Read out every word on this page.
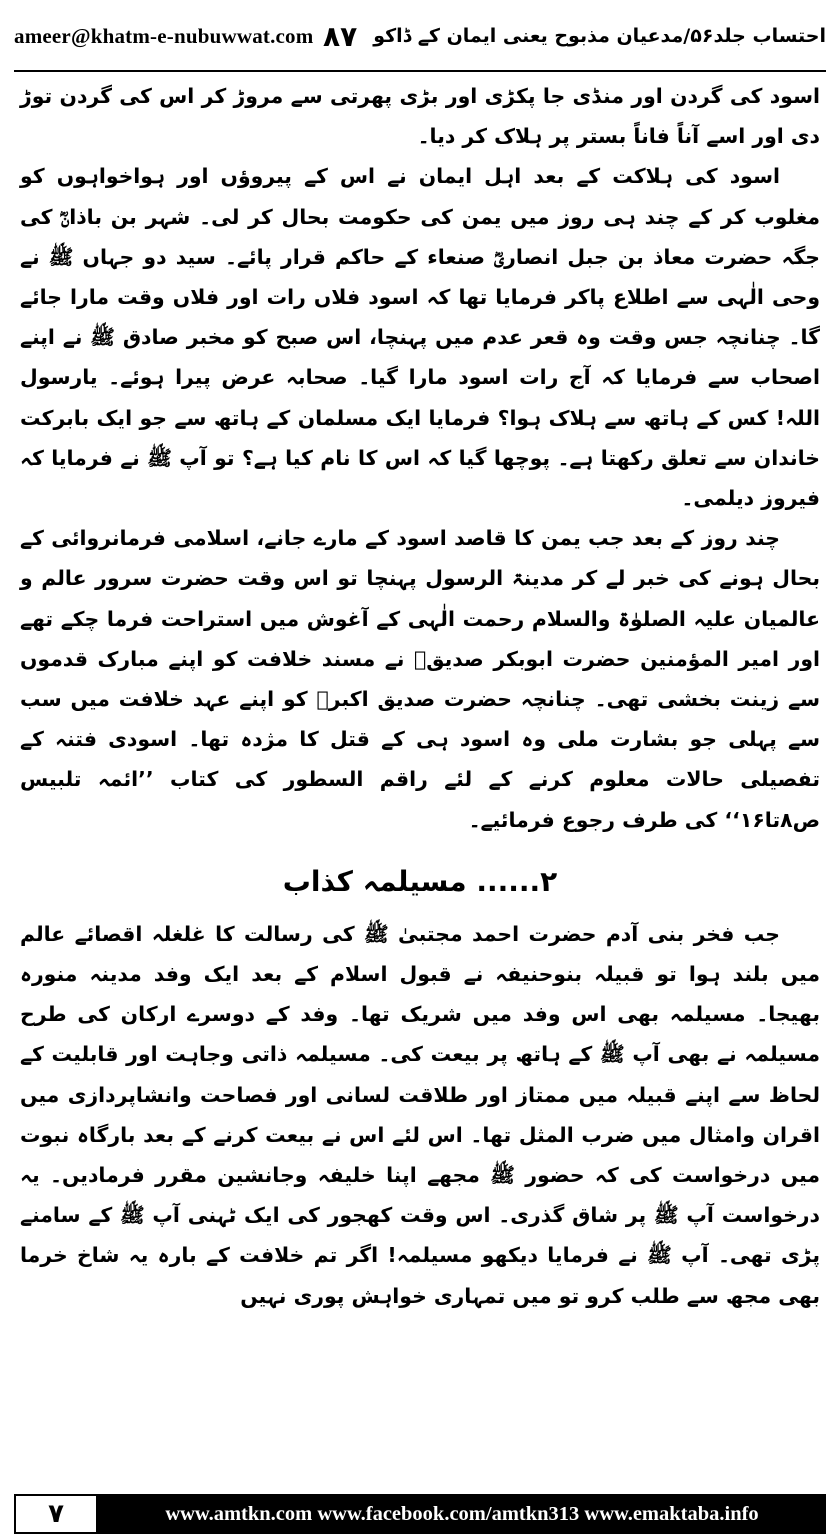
ameer@khatm-e-nubuwwat.com	احتساب جلد۵۶/مدعیان مذبوح یعنی ایمان کے ڈاکو
۸۷

اسود کی گردن اور منڈی جا پکڑی اور بڑی پھرتی سے مروڑ کر اس کی گردن توڑ دی اور اسے آناً فاناً بستر پر ہلاک کر دیا۔

اسود کی ہلاکت کے بعد اہل ایمان نے اس کے پیروؤں اور ہواخواہوں کو مغلوب کر کے چند ہی روز میں یمن کی حکومت بحال کر لی۔ شہر بن باذانؓ کی جگہ حضرت معاذ بن جبل انصاریؓ صنعاء کے حاکم قرار پائے۔ سید دو جہاں ﷺ نے وحی الٰہی سے اطلاع پاکر فرمایا تھا کہ اسود فلاں رات اور فلاں وقت مارا جائے گا۔ چنانچہ جس وقت وہ قعر عدم میں پہنچا، اس صبح کو مخبر صادق ﷺ نے اپنے اصحاب سے فرمایا کہ آج رات اسود مارا گیا۔ صحابہ عرض پیرا ہوئے۔ یارسول اللہ! کس کے ہاتھ سے ہلاک ہوا؟ فرمایا ایک مسلمان کے ہاتھ سے جو ایک بابرکت خاندان سے تعلق رکھتا ہے۔ پوچھا گیا کہ اس کا نام کیا ہے؟ تو آپ ﷺ نے فرمایا کہ فیروز دیلمی۔

چند روز کے بعد جب یمن کا قاصد اسود کے مارے جانے، اسلامی فرمانروائی کے بحال ہونے کی خبر لے کر مدینۃ الرسول پہنچا تو اس وقت حضرت سرور عالم و عالمیان علیہ الصلوٰۃ والسلام رحمت الٰہی کے آغوش میں استراحت فرما چکے تھے اور امیر المؤمنین حضرت ابوبکر صدیقؓ نے مسند خلافت کو اپنے مبارک قدموں سے زینت بخشی تھی۔ چنانچہ حضرت صدیق اکبرؓ کو اپنے عہد خلافت میں سب سے پہلی جو بشارت ملی وہ اسود ہی کے قتل کا مژدہ تھا۔ اسودی فتنہ کے تفصیلی حالات معلوم کرنے کے لئے راقم السطور کی کتاب ’’ائمہ تلبیس ص۸تا۱۶‘‘ کی طرف رجوع فرمائیے۔

۲...... مسیلمہ کذاب

جب فخر بنی آدم حضرت احمد مجتبیٰ ﷺ کی رسالت کا غلغلہ اقصائے عالم میں بلند ہوا تو قبیلہ بنوحنیفہ نے قبول اسلام کے بعد ایک وفد مدینہ منورہ بھیجا۔ مسیلمہ بھی اس وفد میں شریک تھا۔ وفد کے دوسرے ارکان کی طرح مسیلمہ نے بھی آپ ﷺ کے ہاتھ پر بیعت کی۔ مسیلمہ ذاتی وجاہت اور قابلیت کے لحاظ سے اپنے قبیلہ میں ممتاز اور طلاقت لسانی اور فصاحت وانشاپردازی میں اقران وامثال میں ضرب المثل تھا۔ اس لئے اس نے بیعت کرنے کے بعد بارگاہ نبوت میں درخواست کی کہ حضور ﷺ مجھے اپنا خلیفہ وجانشین مقرر فرمادیں۔ یہ درخواست آپ ﷺ پر شاق گذری۔ اس وقت کھجور کی ایک ٹہنی آپ ﷺ کے سامنے پڑی تھی۔ آپ ﷺ نے فرمایا دیکھو مسیلمہ! اگر تم خلافت کے بارہ یہ شاخ خرما بھی مجھ سے طلب کرو تو میں تمہاری خواہش پوری نہیں

۷	www.amtkn.com www.facebook.com/amtkn313 www.emaktaba.info
